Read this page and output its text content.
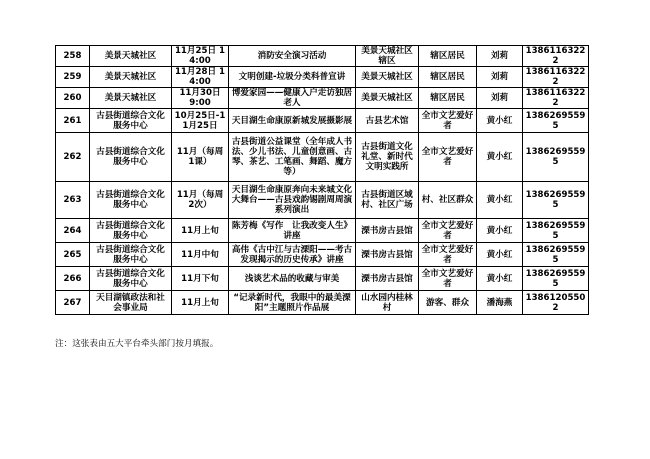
258	美景天城社区	11月25日 14:00	消防安全演习活动	美景天城社区辖区	辖区居民	刘莉	13861163222
259	美景天城社区	11月28日 14:00	文明创建-垃圾分类科普宣讲	美景天城社区	辖区居民	刘莉	13861163222
260	美景天城社区	11月30日 9:00	博爱家园——健康入户走访独居老人	美景天城社区	辖区居民	刘莉	13861163222
261	古县街道综合文化服务中心	10月25日-11月25日	天目湖生命康原新城发展摄影展	古县艺术馆	全市文艺爱好者	黄小红	13862695595
262	古县街道综合文化服务中心	11月（每周1课）	古县街道公益课堂（全年成人书法、少儿书法、儿童创意画、古琴、茶艺、工笔画、舞蹈、魔方等）	古县街道文化礼堂、新时代文明实践所	全市文艺爱好者	黄小红	13862695595
263	古县街道综合文化服务中心	11月（每周2次）	天目湖生命康原奔向未来城文化大舞台——古县戏韵锡剧周周演系列演出	古县街道区域村、社区广场	村、社区群众	黄小红	13862695595
264	古县街道综合文化服务中心	11月上旬	陈芳梅《写作　让我改变人生》讲座	溧书房古县馆	全市文艺爱好者	黄小红	13862695595
265	古县街道综合文化服务中心	11月中旬	高伟《古中江与古溧阳——考古发现揭示的历史传承》讲座	溧书房古县馆	全市文艺爱好者	黄小红	13862695595
266	古县街道综合文化服务中心	11月下旬	浅谈艺术品的收藏与审美	溧书房古县馆	全市文艺爱好者	黄小红	13862695595
267	天目湖镇政法和社会事业局	11月上旬	“记录新时代，我眼中的最美溧阳”主题照片作品展	山水园内桂林村	游客、群众	潘海燕	13861205502
注：这张表由五大平台牵头部门按月填报。
